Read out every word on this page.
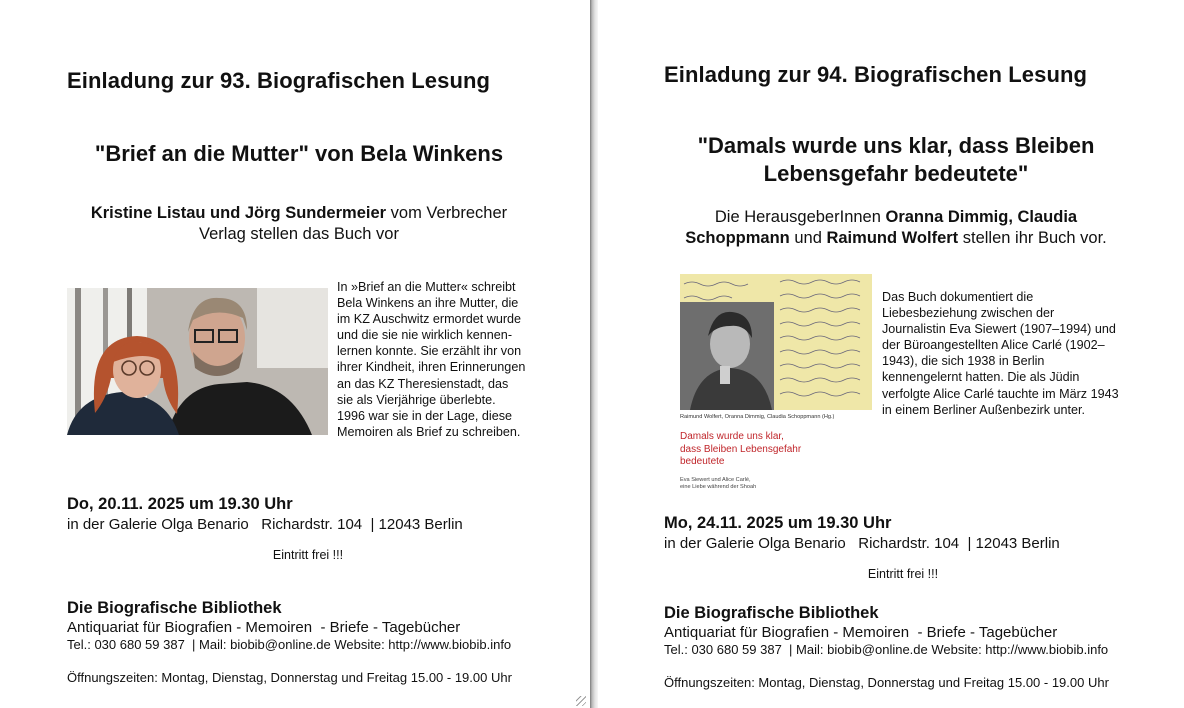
Einladung zur 93. Biografischen Lesung
"Brief an die Mutter" von Bela Winkens
Kristine Listau und Jörg Sundermeier vom Verbrecher
Verlag stellen das Buch vor
In »Brief an die Mutter« schreibt
Bela Winkens an ihre Mutter, die
im KZ Auschwitz ermordet wurde
und die sie nie wirklich kennen-
lernen konnte. Sie erzählt ihr von
ihrer Kindheit, ihren Erinnerungen
an das KZ Theresienstadt, das
sie als Vierjährige überlebte.
1996 war sie in der Lage, diese
Memoiren als Brief zu schreiben.
Do, 20.11. 2025 um 19.30 Uhr
in der Galerie Olga Benario   Richardstr. 104  | 12043 Berlin
Eintritt frei !!!
Die Biografische Bibliothek
Antiquariat für Biografien - Memoiren  - Briefe - Tagebücher
Tel.: 030 680 59 387  | Mail: biobib@online.de Website: http://www.biobib.info
Öffnungszeiten: Montag, Dienstag, Donnerstag und Freitag 15.00 - 19.00 Uhr
Einladung zur 94. Biografischen Lesung
"Damals wurde uns klar, dass Bleiben
Lebensgefahr bedeutete"
Die HerausgeberInnen Oranna Dimmig, Claudia
Schoppmann und Raimund Wolfert stellen ihr Buch vor.
Raimund Wolfert, Oranna Dimmig, Claudia Schoppmann (Hg.)
Damals wurde uns klar,
dass Bleiben Lebensgefahr
bedeutete
Eva Siewert und Alice Carlé,
eine Liebe während der Shoah
Das Buch dokumentiert die
Liebesbeziehung zwischen der
Journalistin Eva Siewert (1907–1994) und
der Büroangestellten Alice Carlé (1902–
1943), die sich 1938 in Berlin
kennengelernt hatten. Die als Jüdin
verfolgte Alice Carlé tauchte im März 1943
in einem Berliner Außenbezirk unter.
Mo, 24.11. 2025 um 19.30 Uhr
in der Galerie Olga Benario   Richardstr. 104  | 12043 Berlin
Eintritt frei !!!
Die Biografische Bibliothek
Antiquariat für Biografien - Memoiren  - Briefe - Tagebücher
Tel.: 030 680 59 387  | Mail: biobib@online.de Website: http://www.biobib.info
Öffnungszeiten: Montag, Dienstag, Donnerstag und Freitag 15.00 - 19.00 Uhr
